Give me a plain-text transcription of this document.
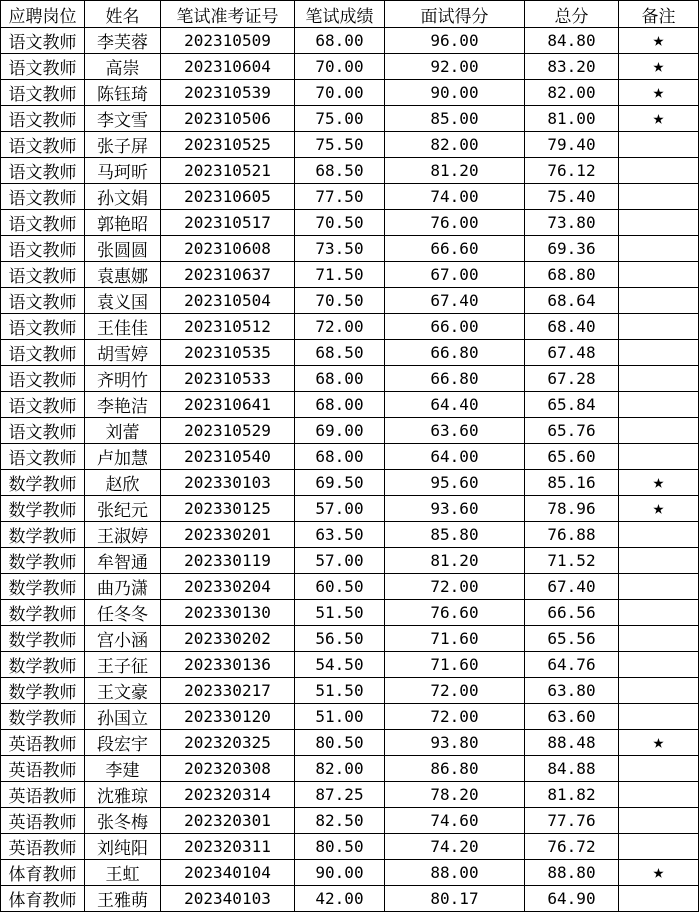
应聘岗位	姓名	笔试准考证号	笔试成绩	面试得分	总分	备注
语文教师	李芙蓉	202310509	68.00	96.00	84.80	★
语文教师	高崇	202310604	70.00	92.00	83.20	★
语文教师	陈钰琦	202310539	70.00	90.00	82.00	★
语文教师	李文雪	202310506	75.00	85.00	81.00	★
语文教师	张子屏	202310525	75.50	82.00	79.40	
语文教师	马珂昕	202310521	68.50	81.20	76.12	
语文教师	孙文娟	202310605	77.50	74.00	75.40	
语文教师	郭艳昭	202310517	70.50	76.00	73.80	
语文教师	张圆圆	202310608	73.50	66.60	69.36	
语文教师	袁惠娜	202310637	71.50	67.00	68.80	
语文教师	袁义国	202310504	70.50	67.40	68.64	
语文教师	王佳佳	202310512	72.00	66.00	68.40	
语文教师	胡雪婷	202310535	68.50	66.80	67.48	
语文教师	齐明竹	202310533	68.00	66.80	67.28	
语文教师	李艳洁	202310641	68.00	64.40	65.84	
语文教师	刘蕾	202310529	69.00	63.60	65.76	
语文教师	卢加慧	202310540	68.00	64.00	65.60	
数学教师	赵欣	202330103	69.50	95.60	85.16	★
数学教师	张纪元	202330125	57.00	93.60	78.96	★
数学教师	王淑婷	202330201	63.50	85.80	76.88	
数学教师	牟智通	202330119	57.00	81.20	71.52	
数学教师	曲乃潇	202330204	60.50	72.00	67.40	
数学教师	任冬冬	202330130	51.50	76.60	66.56	
数学教师	宫小涵	202330202	56.50	71.60	65.56	
数学教师	王子征	202330136	54.50	71.60	64.76	
数学教师	王文豪	202330217	51.50	72.00	63.80	
数学教师	孙国立	202330120	51.00	72.00	63.60	
英语教师	段宏宇	202320325	80.50	93.80	88.48	★
英语教师	李建	202320308	82.00	86.80	84.88	
英语教师	沈雅琼	202320314	87.25	78.20	81.82	
英语教师	张冬梅	202320301	82.50	74.60	77.76	
英语教师	刘纯阳	202320311	80.50	74.20	76.72	
体育教师	王虹	202340104	90.00	88.00	88.80	★
体育教师	王雅萌	202340103	42.00	80.17	64.90	
